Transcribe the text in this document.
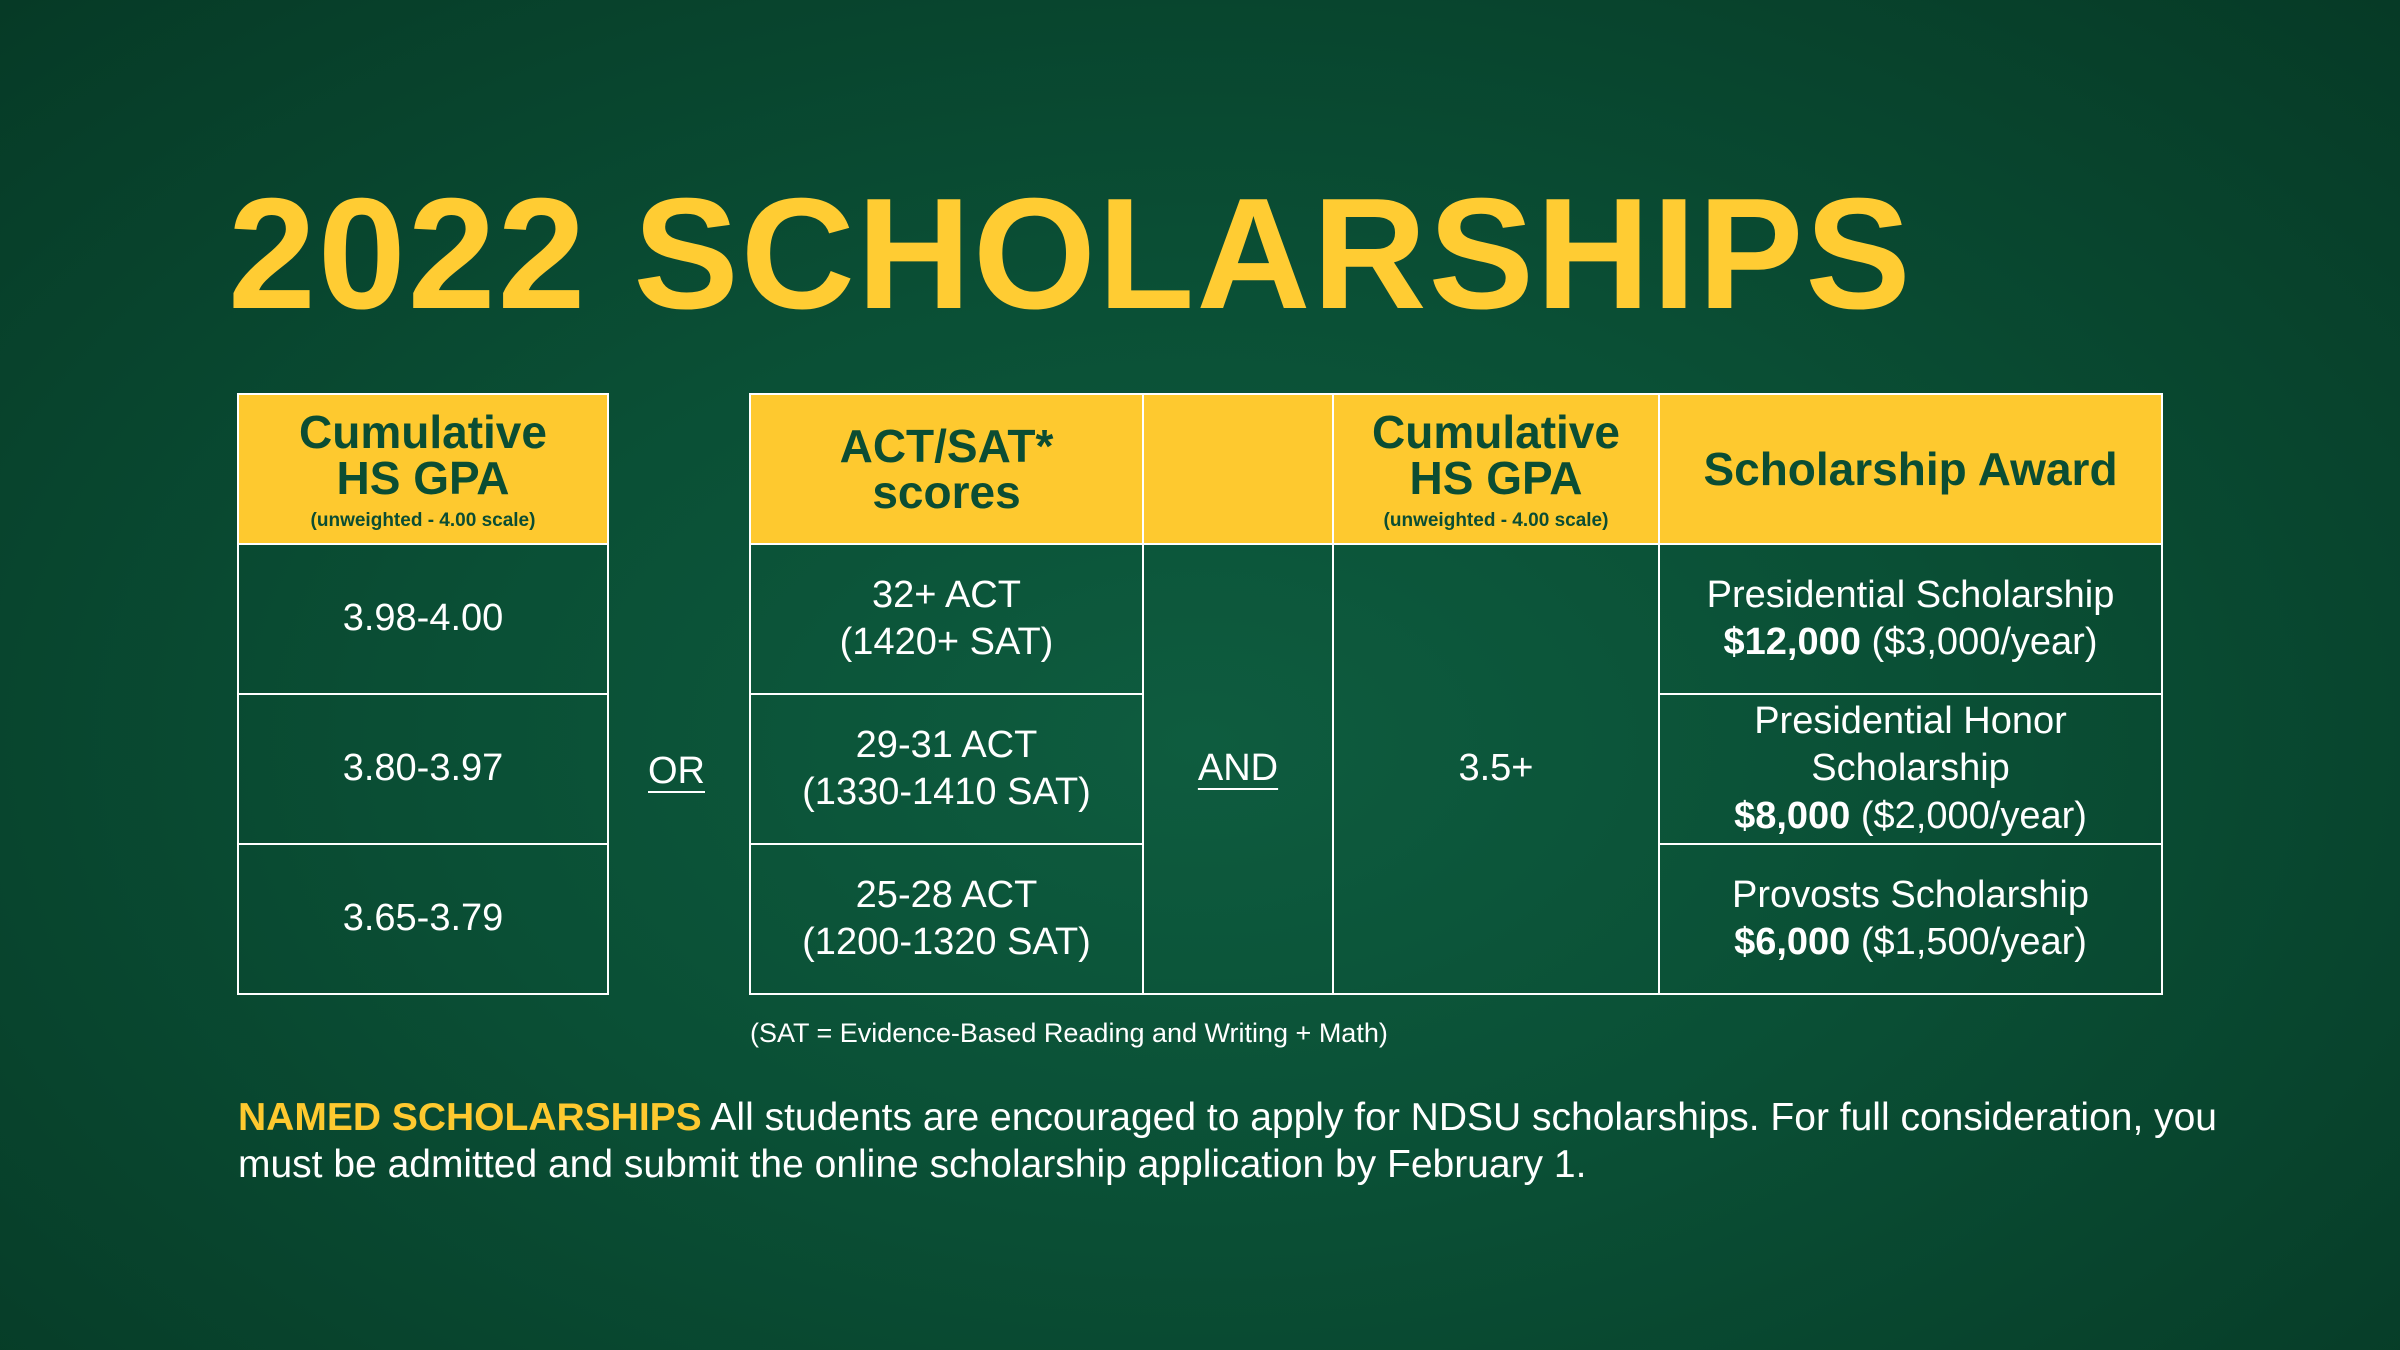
2022 SCHOLARSHIPS
Cumulative HS GPA
(unweighted - 4.00 scale)
3.98-4.00
3.80-3.97
3.65-3.79
OR
ACT/SAT* scores
Cumulative HS GPA
(unweighted - 4.00 scale)
Scholarship Award
32+ ACT
(1420+ SAT)
29-31 ACT
(1330-1410 SAT)
25-28 ACT
(1200-1320 SAT)
AND	3.5+
Presidential Scholarship
$12,000 ($3,000/year)
Presidential Honor Scholarship
$8,000 ($2,000/year)
Provosts Scholarship
$6,000 ($1,500/year)
(SAT = Evidence-Based Reading and Writing + Math)
NAMED SCHOLARSHIPS All students are encouraged to apply for NDSU scholarships. For full consideration, you must be admitted and submit the online scholarship application by February 1.
